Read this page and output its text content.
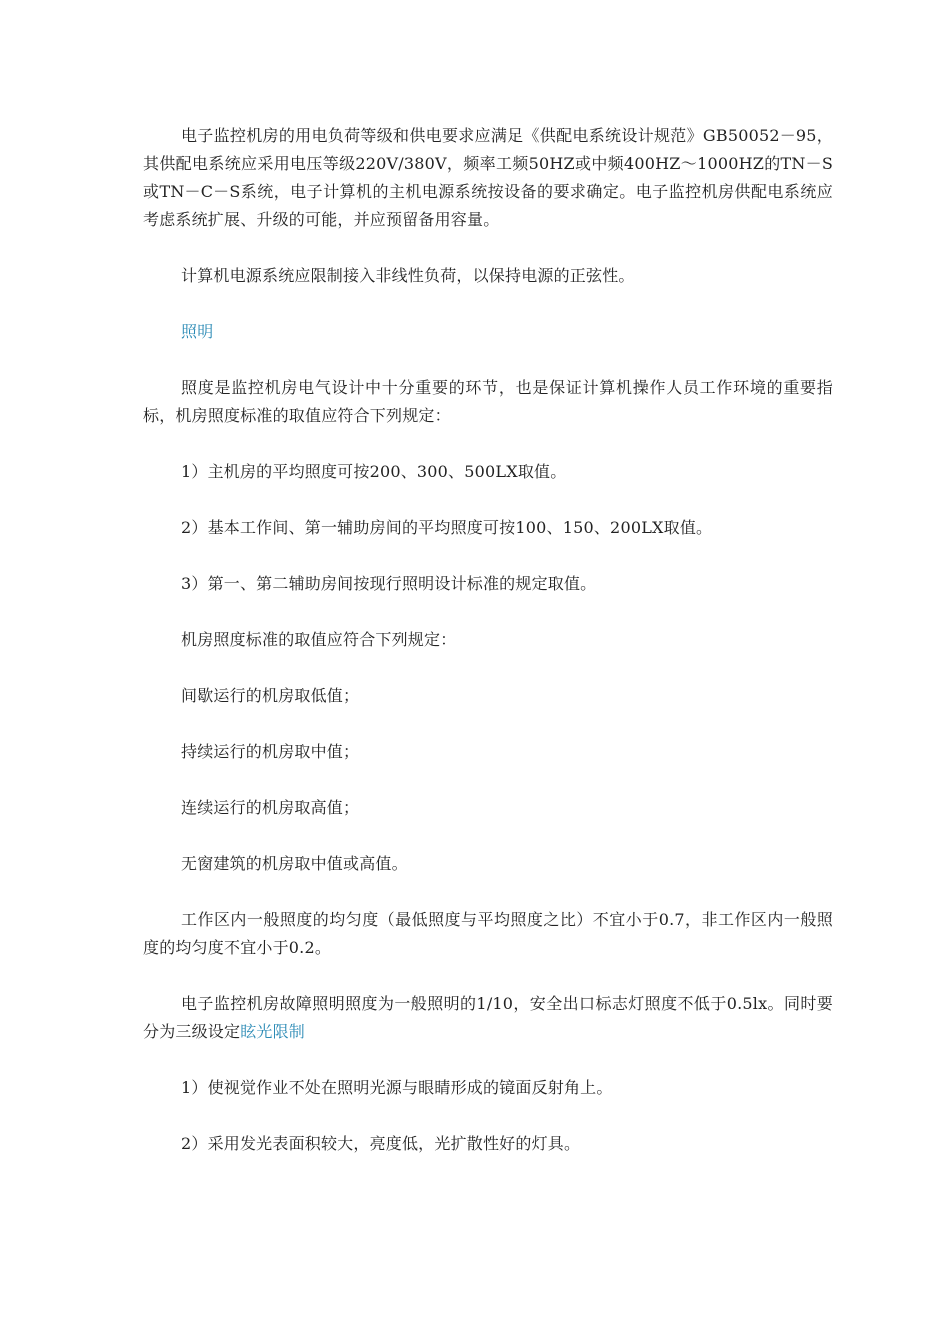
电子监控机房的用电负荷等级和供电要求应满足《供配电系统设计规范》GB50052－95，其供配电系统应采用电压等级220V/380V，频率工频50HZ或中频400HZ～1000HZ的TN－S或TN－C－S系统，电子计算机的主机电源系统按设备的要求确定。电子监控机房供配电系统应考虑系统扩展、升级的可能，并应预留备用容量。

计算机电源系统应限制接入非线性负荷，以保持电源的正弦性。

照明

照度是监控机房电气设计中十分重要的环节，也是保证计算机操作人员工作环境的重要指标，机房照度标准的取值应符合下列规定：

1）主机房的平均照度可按200、300、500LX取值。

2）基本工作间、第一辅助房间的平均照度可按100、150、200LX取值。

3）第一、第二辅助房间按现行照明设计标准的规定取值。

机房照度标准的取值应符合下列规定：

间歇运行的机房取低值；

持续运行的机房取中值；

连续运行的机房取高值；

无窗建筑的机房取中值或高值。

工作区内一般照度的均匀度（最低照度与平均照度之比）不宜小于0.7，非工作区内一般照度的均匀度不宜小于0.2。

电子监控机房故障照明照度为一般照明的1/10，安全出口标志灯照度不低于0.5lx。同时要分为三级设定眩光限制

1）使视觉作业不处在照明光源与眼睛形成的镜面反射角上。

2）采用发光表面积较大，亮度低，光扩散性好的灯具。
